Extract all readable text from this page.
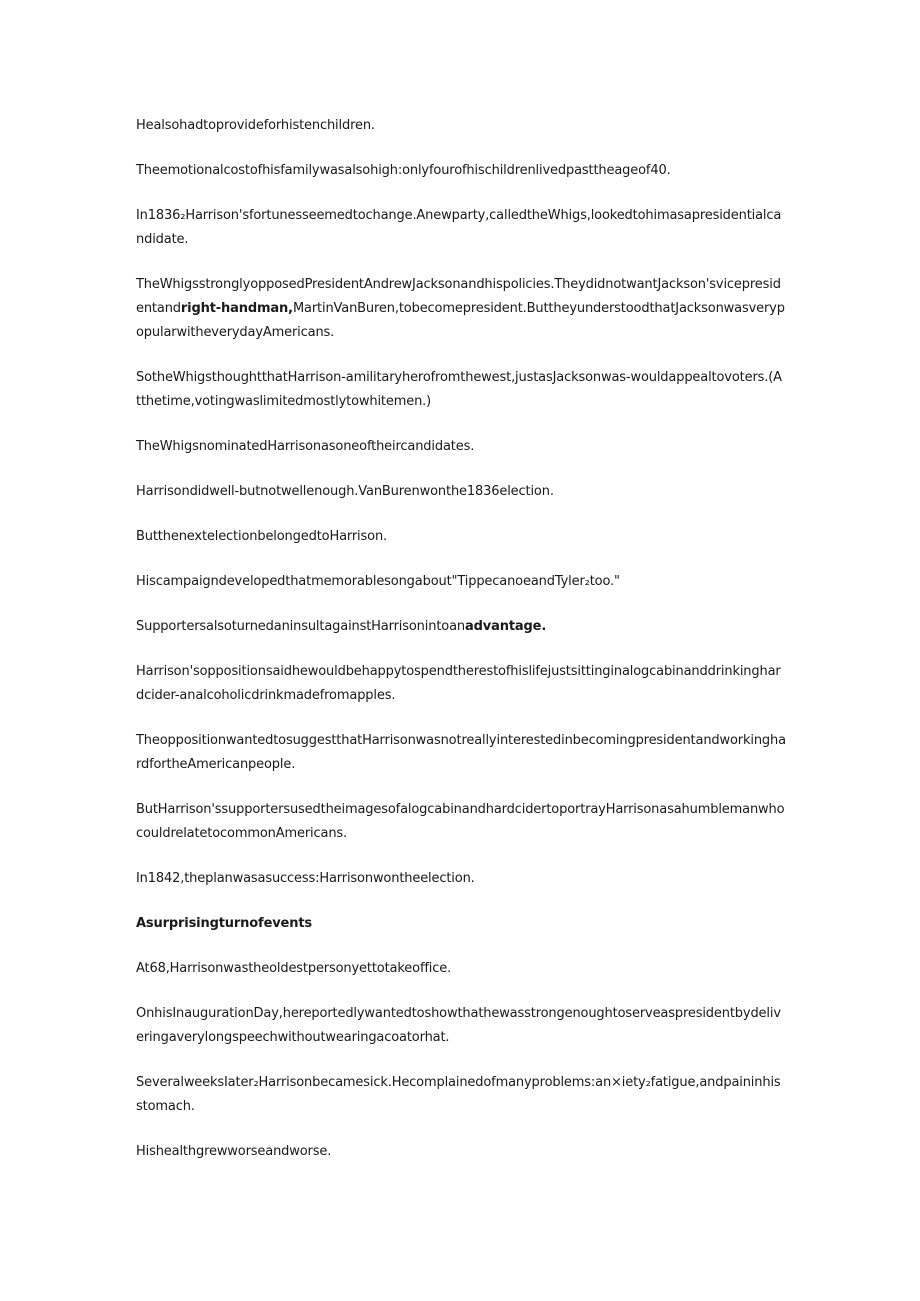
Healsohadtoprovideforhistenchildren.

Theemotionalcostofhisfamilywasalsohigh:onlyfourofhischildrenlivedpasttheageof40.

In1836₂Harrison'sfortunesseemedtochange.Anewparty,calledtheWhigs,lookedtohimasapresidentialcandidate.

TheWhigsstronglyopposedPresidentAndrewJacksonandhispolicies.TheydidnotwantJackson'svicepresidentandright-handman,MartinVanBuren,tobecomepresident.ButtheyunderstoodthatJacksonwasverypopularwitheverydayAmericans.

SotheWhigsthoughtthatHarrison-amilitaryherofromthewest,justasJacksonwas-wouldappealtovoters.(Atthetime,votingwaslimitedmostlytowhitemen.)

TheWhigsnominatedHarrisonasoneoftheircandidates.

Harrisondidwell-butnotwellenough.VanBurenwonthe1836election.

ButthenextelectionbelongedtoHarrison.

Hiscampaigndevelopedthatmemorablesongabout"TippecanoeandTyler₂too."

SupportersalsoturnedaninsultagainstHarrisonintoanadvantage.

Harrison'soppositionsaidhewouldbehappytospendtherestofhislifejustsittinginalogcabinanddrinkinghardcider-analcoholicdrinkmadefromapples.

TheoppositionwantedtosuggestthatHarrisonwasnotreallyinterestedinbecomingpresidentandworkinghardfortheAmericanpeople.

ButHarrison'ssupportersusedtheimagesofalogcabinandhardcidertoportrayHarrisonasahumblemanwhocouldrelatetocommonAmericans.

In1842,theplanwasasuccess:Harrisonwontheelection.

Asurprisingturnofevents

At68,Harrisonwastheoldestpersonyettotakeoffice.

OnhisInaugurationDay,hereportedlywantedtoshowthathewasstrongenoughtoserveaspresidentbydeliveringaverylongspeechwithoutwearingacoatorhat.

SeveralweeksIater₂Harrisonbecamesick.Hecomplainedofmanyproblems:an×iety₂fatigue,andpaininhisstomach.

Hishealthgrewworseandworse.
